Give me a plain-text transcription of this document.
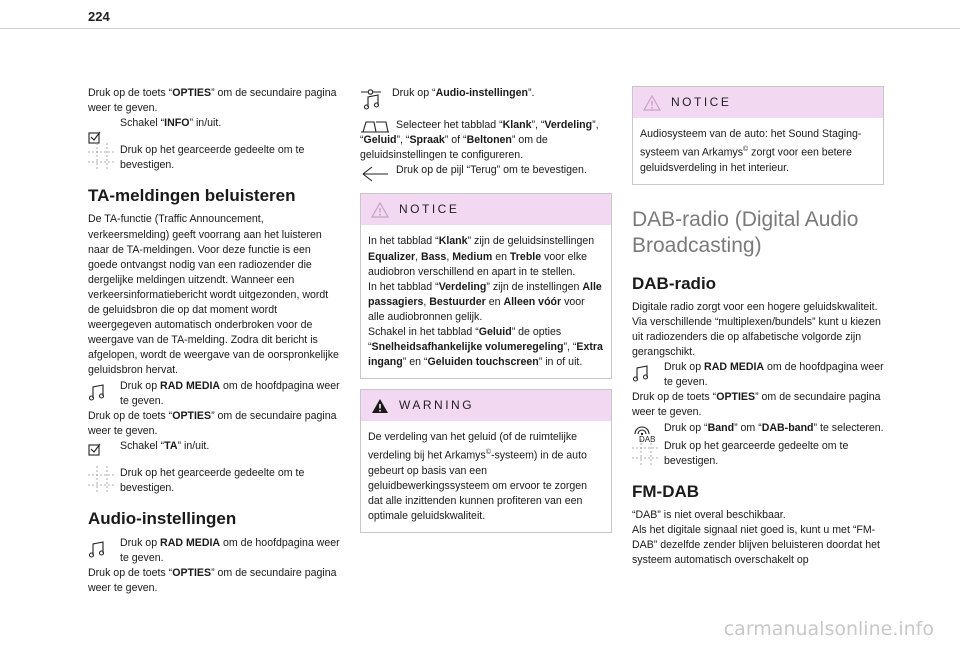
224

Druk op de toets “OPTIES” om de secundaire pagina weer te geven.

Schakel “INFO” in/uit.

Druk op het gearceerde gedeelte om te bevestigen.

TA-meldingen beluisteren

De TA-functie (Traffic Announcement, verkeersmelding) geeft voorrang aan het luisteren naar de TA-meldingen. Voor deze functie is een goede ontvangst nodig van een radiozender die dergelijke meldingen uitzendt. Wanneer een verkeersinformatiebericht wordt uitgezonden, wordt de geluidsbron die op dat moment wordt weergegeven automatisch onderbroken voor de weergave van de TA-melding. Zodra dit bericht is afgelopen, wordt de weergave van de oorspronkelijke geluidsbron hervat.

Druk op RAD MEDIA om de hoofdpagina weer te geven.

Druk op de toets “OPTIES” om de secundaire pagina weer te geven.

Schakel “TA” in/uit.

Druk op het gearceerde gedeelte om te bevestigen.

Audio-instellingen

Druk op RAD MEDIA om de hoofdpagina weer te geven.

Druk op de toets “OPTIES” om de secundaire pagina weer te geven.

Druk op “Audio-instellingen”.

Selecteer het tabblad “Klank”, “Verdeling”, “Geluid”, “Spraak” of “Beltonen” om de geluidsinstellingen te configureren.

Druk op de pijl “Terug” om te bevestigen.

NOTICE

In het tabblad “Klank” zijn de geluidsinstellingen Equalizer, Bass, Medium en Treble voor elke audiobron verschillend en apart in te stellen.

In het tabblad “Verdeling” zijn de instellingen Alle passagiers, Bestuurder en Alleen vóór voor alle audiobronnen gelijk.

Schakel in het tabblad “Geluid” de opties “Snelheidsafhankelijke volumeregeling”, “Extra ingang” en “Geluiden touchscreen” in of uit.

WARNING

De verdeling van het geluid (of de ruimtelijke verdeling bij het Arkamys©-systeem) in de auto gebeurt op basis van een geluidbewerkingssysteem om ervoor te zorgen dat alle inzittenden kunnen profiteren van een optimale geluidskwaliteit.

NOTICE

Audiosysteem van de auto: het Sound Staging-systeem van Arkamys© zorgt voor een betere geluidsverdeling in het interieur.

DAB-radio (Digital Audio Broadcasting)
DAB-radio

Digitale radio zorgt voor een hogere geluidskwaliteit.

Via verschillende “multiplexen/bundels” kunt u kiezen uit radiozenders die op alfabetische volgorde zijn gerangschikt.

Druk op RAD MEDIA om de hoofdpagina weer te geven.

Druk op de toets “OPTIES” om de secundaire pagina weer te geven.

DAB

Druk op “Band” om “DAB-band” te selecteren.

Druk op het gearceerde gedeelte om te bevestigen.

FM-DAB

“DAB” is niet overal beschikbaar.

Als het digitale signaal niet goed is, kunt u met “FM-DAB” dezelfde zender blijven beluisteren doordat het systeem automatisch overschakelt op

carmanualsonline.info
